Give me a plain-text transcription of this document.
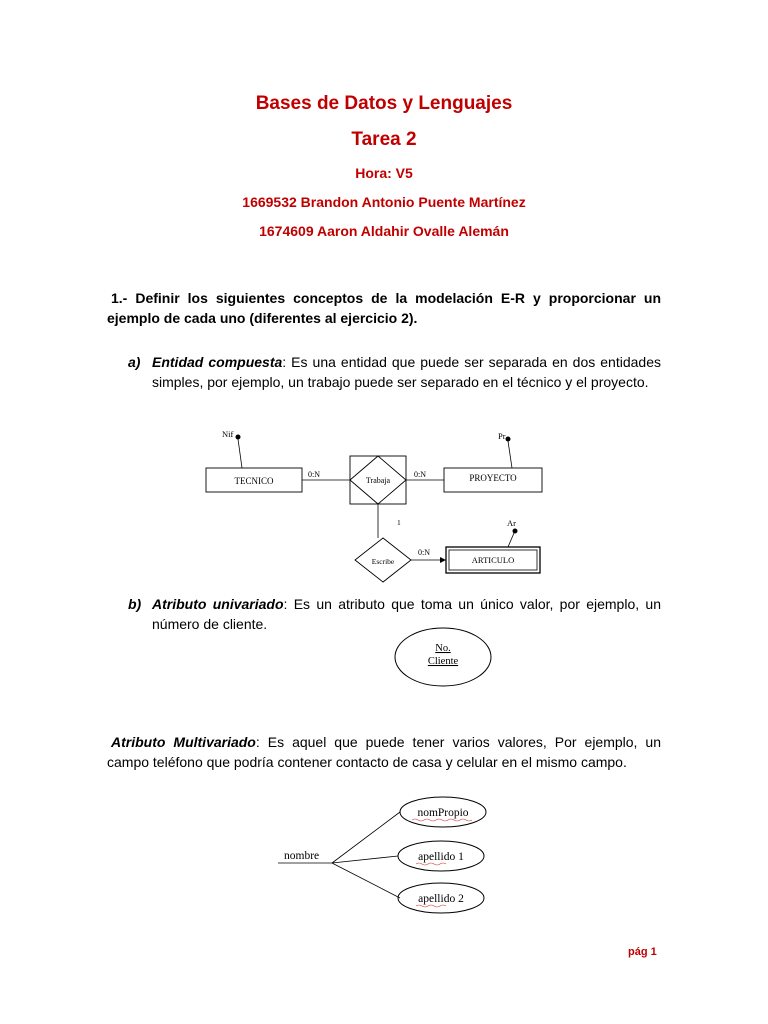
Bases de Datos y Lenguajes
Tarea 2
Hora: V5
1669532 Brandon Antonio Puente Martínez
1674609 Aaron Aldahir Ovalle Alemán
1.- Definir los siguientes conceptos de la modelación E-R y proporcionar un ejemplo de cada uno (diferentes al ejercicio 2).
a) Entidad compuesta: Es una entidad que puede ser separada en dos entidades simples, por ejemplo, un trabajo puede ser separado en el técnico y el proyecto.
TECNICO
Nif
Trabaja
0:N	0:N	PROYECTO
Pr
1
Escribe
0:N
ARTICULO
Ar
b) Atributo univariado: Es un atributo que toma un único valor, por ejemplo, un número de cliente.
No.
Cliente
Atributo Multivariado: Es aquel que puede tener varios valores, Por ejemplo, un campo teléfono que podría contener contacto de casa y celular en el mismo campo.
nombre
nomPropio
apellido 1
apellido 2
pág 1
